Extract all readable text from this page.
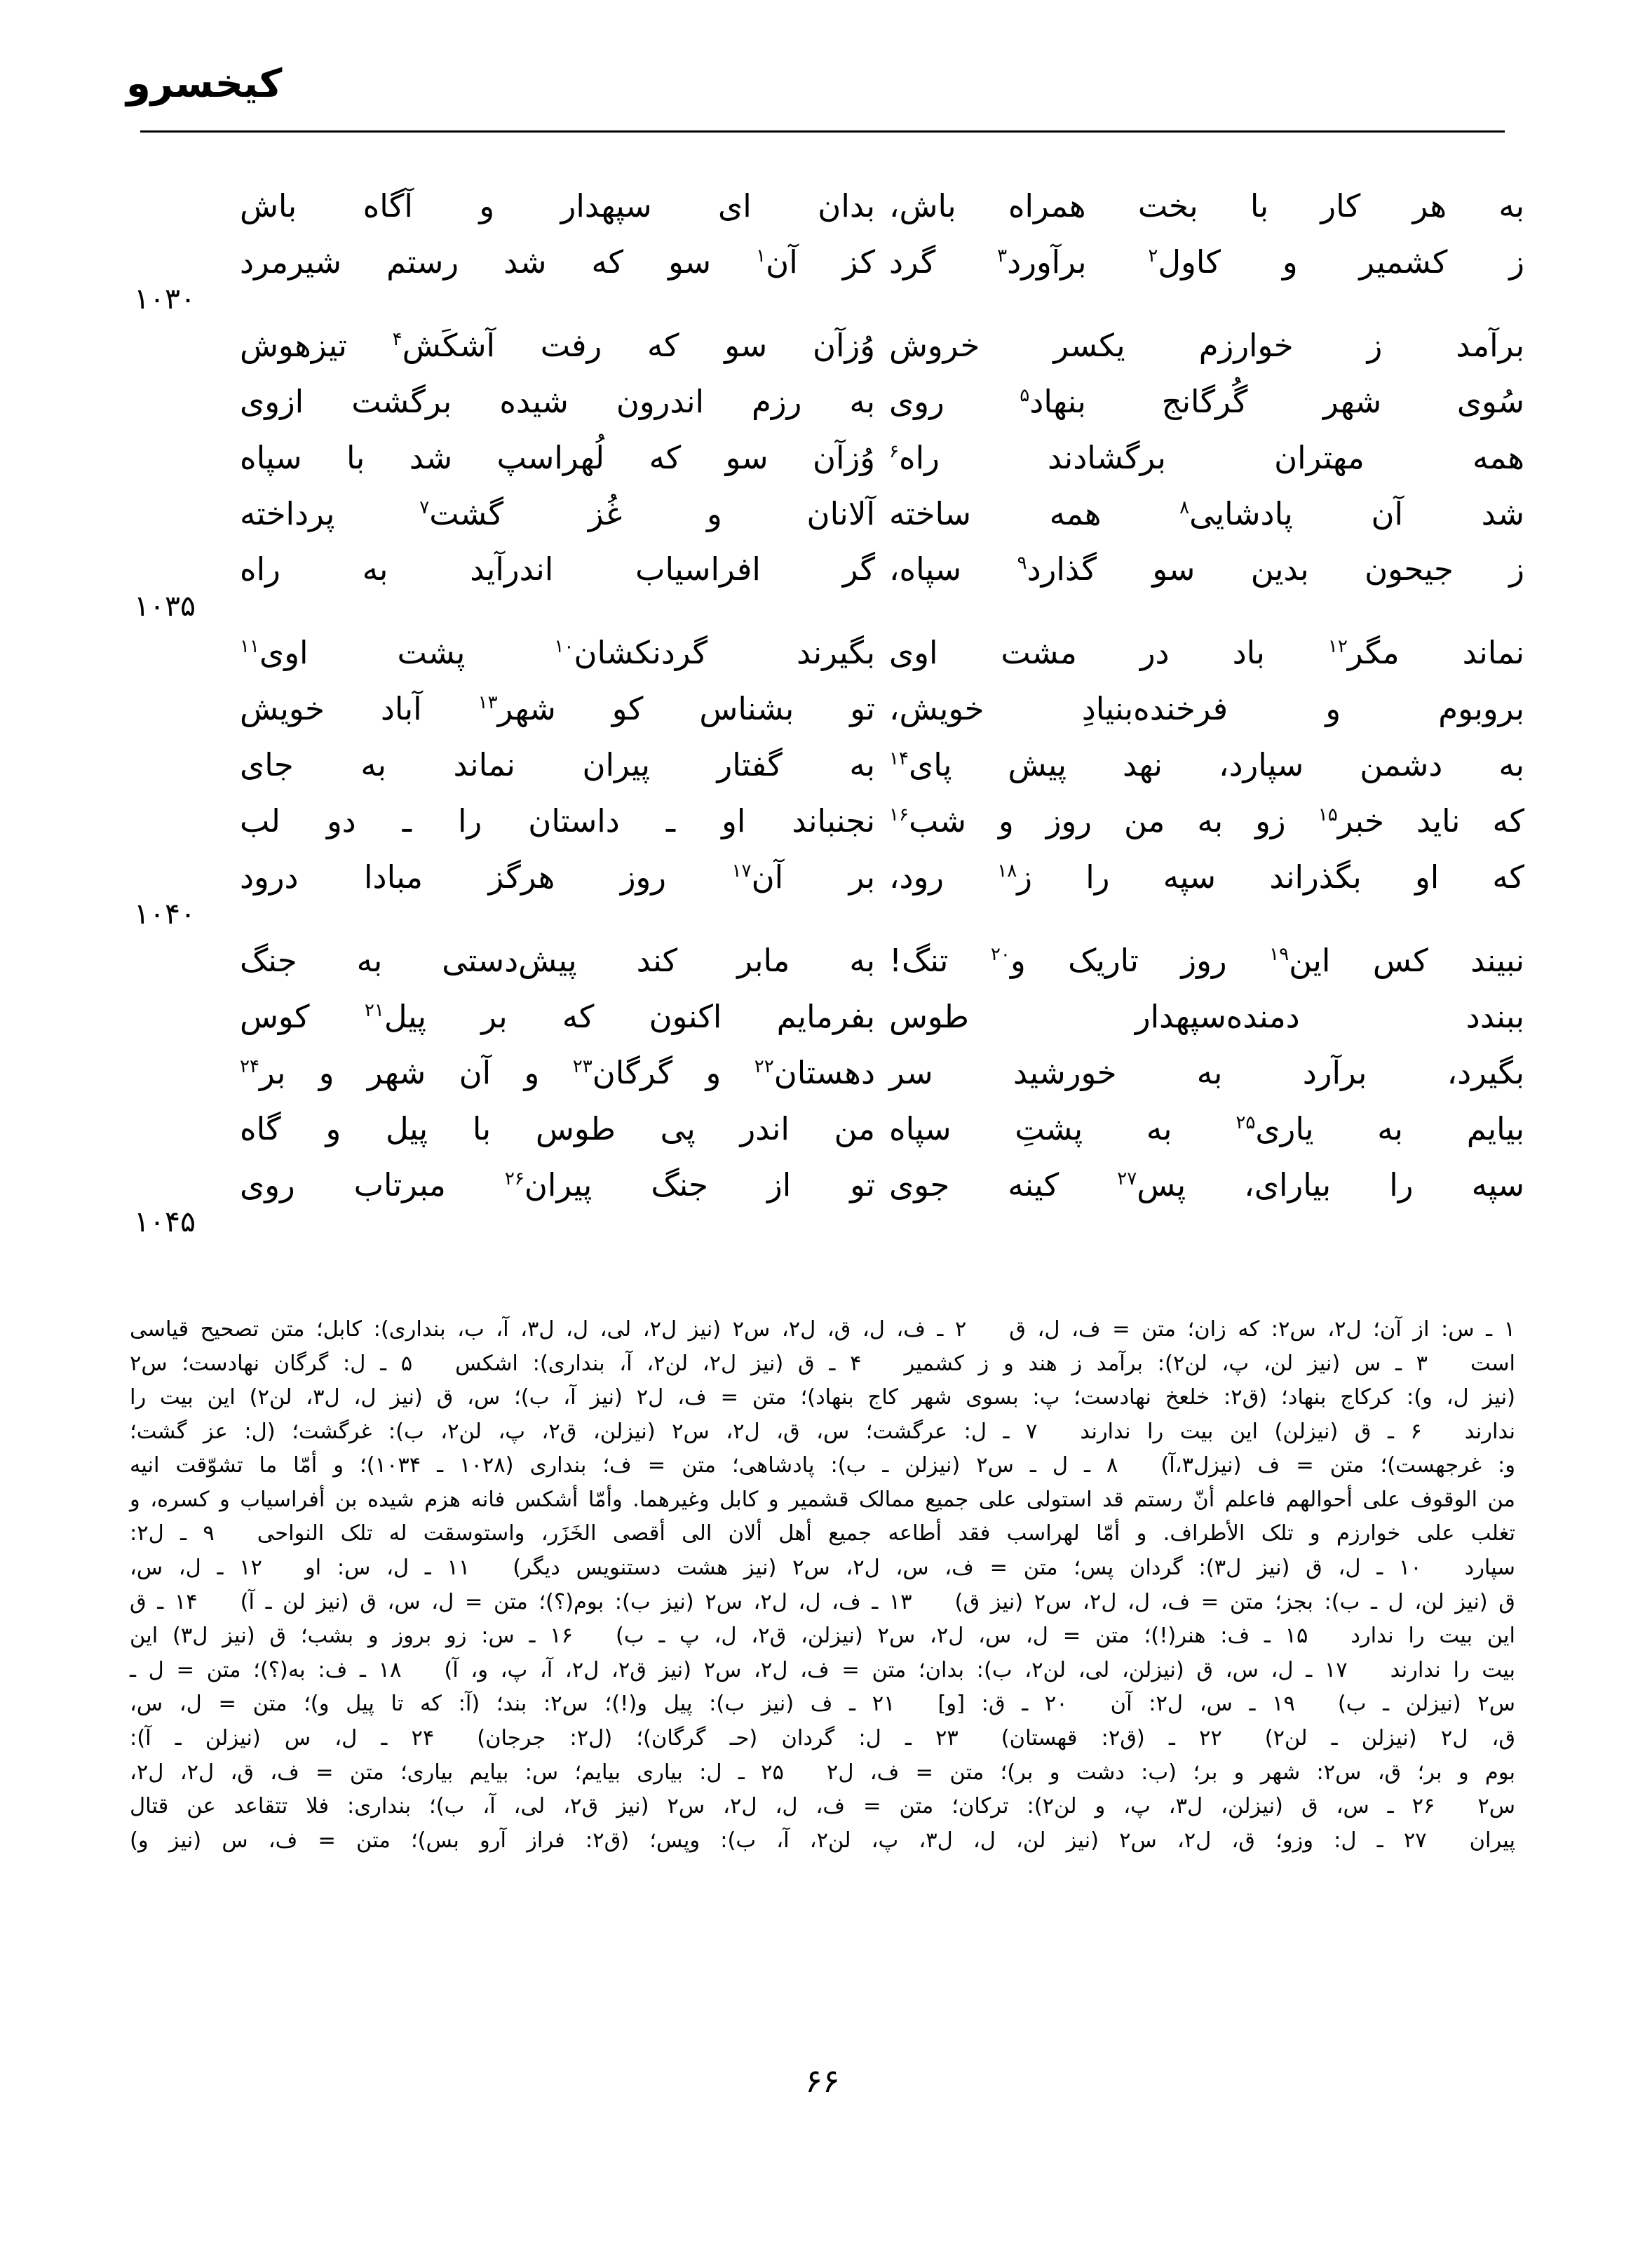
کیخسرو
به هر کار با بخت همراه باش،
بدان ای سپهدار و آگاه باش
ز کشمیر و کاول$^۲$ برآورد$^۳$ گرد
کز آن$^۱$ سو که شد رستم شیرمرد
۱۰۳۰
برآمد ز خوارزم یکسر خروش
وُزآن سو که رفت آشکَش$^۴$ تیزهوش
سُوی شهر گُرگانج بنهاد$^۵$ روی
به رزم اندرون شیده برگشت ازوی
همه مهتران برگشادند راه$^۶$
وُزآن سو که لُهراسپ شد با سپاه
شد آن پادشایی$^۸$ همه ساخته
آلانان و غُز گشت$^۷$ پرداخته
ز جیحون بدین سو گذارد$^۹$ سپاه،
گر افراسیاب اندرآید به راه
۱۰۳۵
نماند مگر$^{۱۲}$ باد در مشت اوی
بگیرند گردنکشان$^{۱۰}$ پشت اوی$^{۱۱}$
بروبوم و فرخنده‌بنیادِ خویش،
تو بشناس کو شهر$^{۱۳}$ آباد خویش
به دشمن سپارد، نهد پیش پای$^{۱۴}$
به گفتار پیران نماند به جای
که ناید خبر$^{۱۵}$ زو به من روز و شب$^{۱۶}$
نجنباند او ـ داستان را ـ دو لب
که او بگذراند سپه را ز$^{۱۸}$ رود،
بر آن$^{۱۷}$ روز هرگز مبادا درود
۱۰۴۰
نبیند کس این$^{۱۹}$ روز تاریک و$^{۲۰}$ تنگ!
به مابر کند پیش‌دستی به جنگ
ببندد دمنده‌سپهدار طوس
بفرمایم اکنون که بر پیل$^{۲۱}$ کوس
بگیرد، برآرد به خورشید سر
دهستان$^{۲۲}$ و گرگان$^{۲۳}$ و آن شهر و بر$^{۲۴}$
بیایم به یاری$^{۲۵}$ به پشتِ سپاه
من اندر پی طوس با پیل و گاه
سپه را بیارای، پس$^{۲۷}$ کینه جوی
تو از جنگ پیران$^{۲۶}$ مبرتاب روی
۱۰۴۵
۱ ـ س: از آن؛ ل۲، س۲: که زان؛ متن = ف، ل، ق  ۲ ـ ف، ل، ق، ل۲، س۲ (نیز ل۲، لی، ل، ل۳، آ، ب، بنداری): کابل؛ متن تصحیح قیاسی
است  ۳ ـ س (نیز لن، پ، لن۲): برآمد ز هند و ز کشمیر  ۴ ـ ق (نیز ل۲، لن۲، آ، بنداری): اشکس  ۵ ـ ل: گرگان نهادست؛ س۲
(نیز ل، و): کرکاج بنهاد؛ (ق۲: خلعخ نهادست؛ پ: بسوی شهر کاج بنهاد)؛ متن = ف، ل۲ (نیز آ، ب)؛ س، ق (نیز ل، ل۳، لن۲) این بیت را
ندارند  ۶ ـ ق (نیزلن) این بیت را ندارند  ۷ ـ ل: عرگشت؛ س، ق، ل۲، س۲ (نیزلن، ق۲، پ، لن۲، ب): غرگشت؛ (ل: عز گشت؛
و: غرجهست)؛ متن = ف (نیزل۳،آ)  ۸ ـ ل ـ س۲ (نیزلن ـ ب): پادشاهی؛ متن = ف؛ بنداری (۱۰۲۸ ـ ۱۰۳۴)؛ و أمّا ما تشوّقت انیه
من الوقوف علی أحوالهم فاعلم أنّ رستم قد استولی علی جمیع ممالک قشمیر و کابل وغیرهما. وأمّا أشکس فانه هزم شیده بن أفراسیاب و کسره، و
تغلب علی خوارزم و تلک الأطراف. و أمّا لهراسب فقد أطاعه جمیع أهل ألان الی أقصی الخَزَر، واستوسقت له تلک النواحی  ۹ ـ ل۲:
سپارد  ۱۰ ـ ل، ق (نیز ل۳): گردان پس؛ متن = ف، س، ل۲، س۲ (نیز هشت دستنویس دیگر)  ۱۱ ـ ل، س: او  ۱۲ ـ ل، س،
ق (نیز لن، ل ـ ب): بجز؛ متن = ف، ل، ل۲، س۲ (نیز ق)  ۱۳ ـ ف، ل، ل۲، س۲ (نیز ب): بوم(؟)؛ متن = ل، س، ق (نیز لن ـ آ)  ۱۴ ـ ق
این بیت را ندارد  ۱۵ ـ ف: هنر(!)؛ متن = ل، س، ل۲، س۲ (نیزلن، ق۲، ل، پ ـ ب)  ۱۶ ـ س: زو بروز و بشب؛ ق (نیز ل۳) این
بیت را ندارند  ۱۷ ـ ل، س، ق (نیزلن، لی، لن۲، ب): بدان؛ متن = ف، ل۲، س۲ (نیز ق۲، ل۲، آ، پ، و، آ)  ۱۸ ـ ف: به(؟)؛ متن = ل ـ
س۲ (نیزلن ـ ب)  ۱۹ ـ س، ل۲: آن  ۲۰ ـ ق: [و]  ۲۱ ـ ف (نیز ب): پیل و(!)؛ س۲: بند؛ (آ: که تا پیل و)؛ متن = ل، س،
ق، ل۲ (نیزلن ـ لن۲)  ۲۲ ـ (ق۲: قهستان)  ۲۳ ـ ل: گردان (حـ گرگان)؛ (ل۲: جرجان)  ۲۴ ـ ل، س (نیزلن ـ آ):
بوم و بر؛ ق، س۲: شهر و بر؛ (ب: دشت و بر)؛ متن = ف، ل۲  ۲۵ ـ ل: بیاری بیایم؛ س: بیایم بیاری؛ متن = ف، ق، ل۲، ل۲،
س۲  ۲۶ ـ س، ق (نیزلن، ل۳، پ، و لن۲): ترکان؛ متن = ف، ل، ل۲، س۲ (نیز ق۲، لی، آ، ب)؛ بنداری: فلا تتقاعد عن قتال
پیران  ۲۷ ـ ل: وزو؛ ق، ل۲، س۲ (نیز لن، ل، ل۳، پ، لن۲، آ، ب): وپس؛ (ق۲: فراز آرو بس)؛ متن = ف، س (نیز و)
۶۶
